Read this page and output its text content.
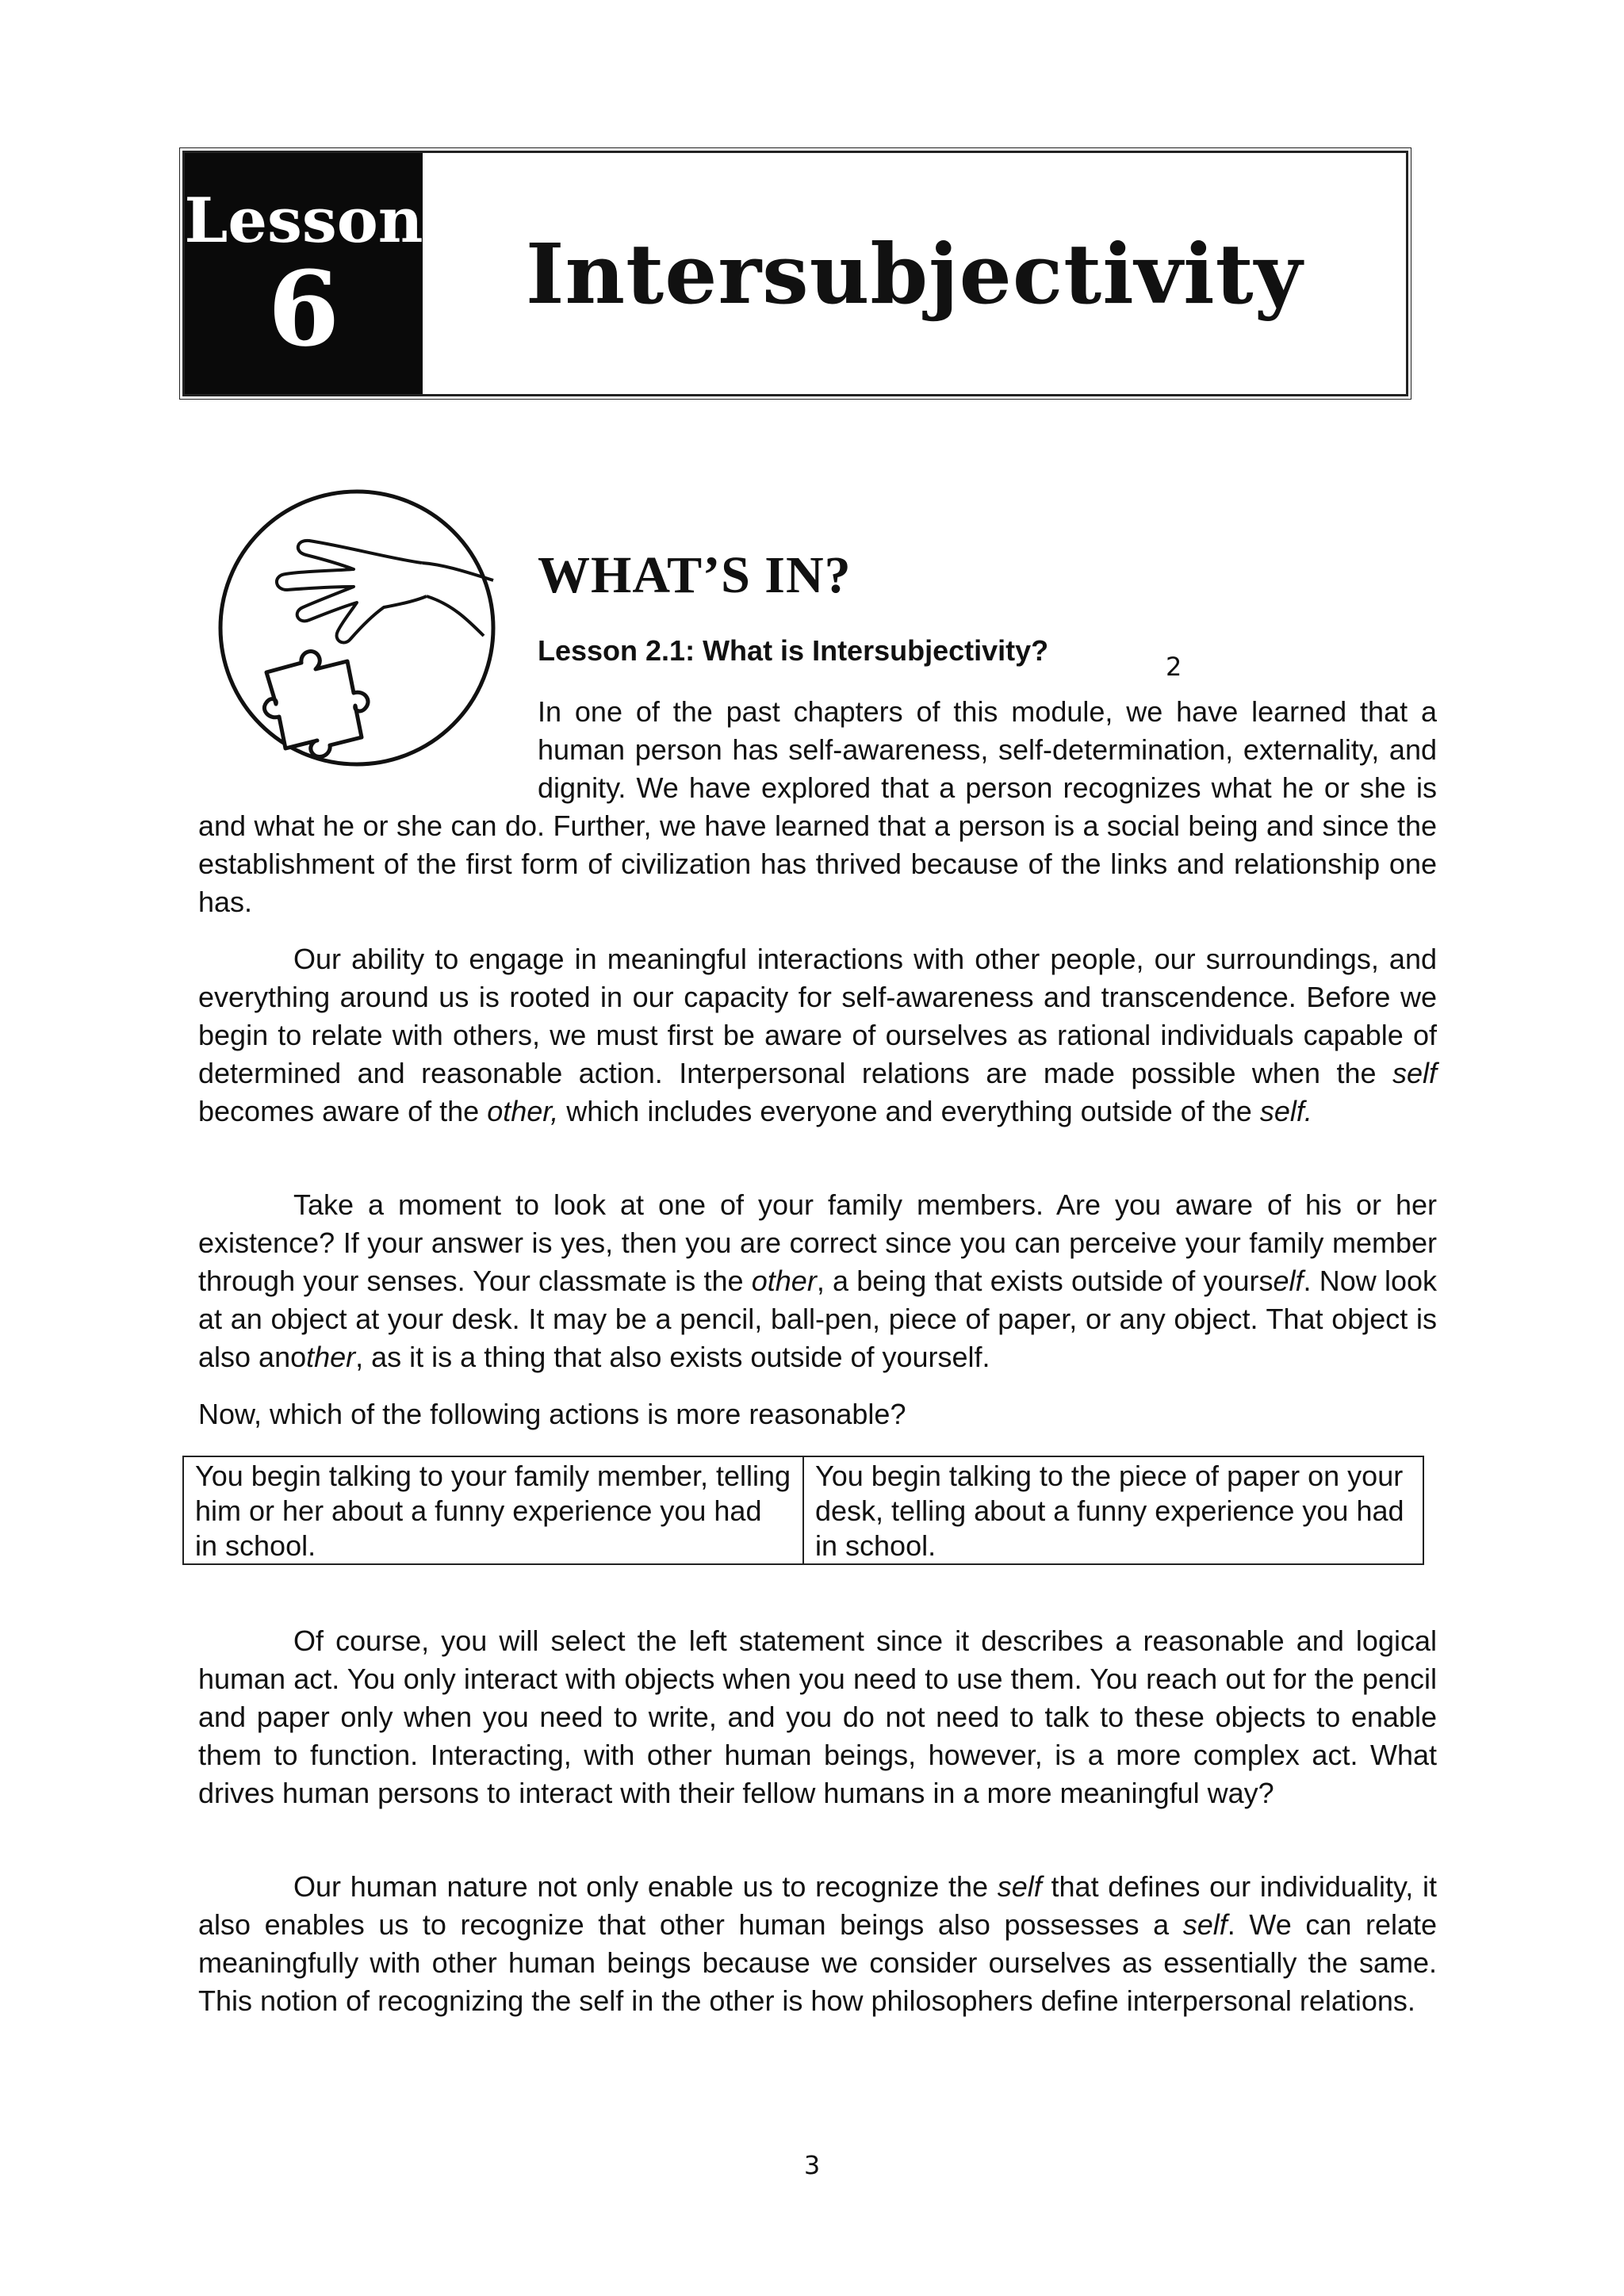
Lesson
6	Intersubjectivity
WHAT’S IN?
Lesson 2.1: What is Intersubjectivity?	2

In one of the past chapters of this module, we have learned that a human person has self-awareness, self-determination, externality, and dignity. We have explored that a person recognizes what he or she is and what he or she can do. Further, we have learned that a person is a social being and since the establishment of the first form of civilization has thrived because of the links and relationship one has.

Our ability to engage in meaningful interactions with other people, our surroundings, and everything around us is rooted in our capacity for self-awareness and transcendence. Before we begin to relate with others, we must first be aware of ourselves as rational individuals capable of determined and reasonable action. Interpersonal relations are made possible when the self becomes aware of the other, which includes everyone and everything outside of the self.

Take a moment to look at one of your family members. Are you aware of his or her existence? If your answer is yes, then you are correct since you can perceive your family member through your senses. Your classmate is the other, a being that exists outside of yourself. Now look at an object at your desk. It may be a pencil, ball-pen, piece of paper, or any object. That object is also another, as it is a thing that also exists outside of yourself.

Now, which of the following actions is more reasonable?

You begin talking to your family member, telling him or her about a funny experience you had in school.	You begin talking to the piece of paper on your desk, telling about a funny experience you had in school.

Of course, you will select the left statement since it describes a reasonable and logical human act. You only interact with objects when you need to use them. You reach out for the pencil and paper only when you need to write, and you do not need to talk to these objects to enable them to function. Interacting, with other human beings, however, is a more complex act. What drives human persons to interact with their fellow humans in a more meaningful way?

Our human nature not only enable us to recognize the self that defines our individuality, it also enables us to recognize that other human beings also possesses a self. We can relate meaningfully with other human beings because we consider ourselves as essentially the same. This notion of recognizing the self in the other is how philosophers define interpersonal relations.

3
